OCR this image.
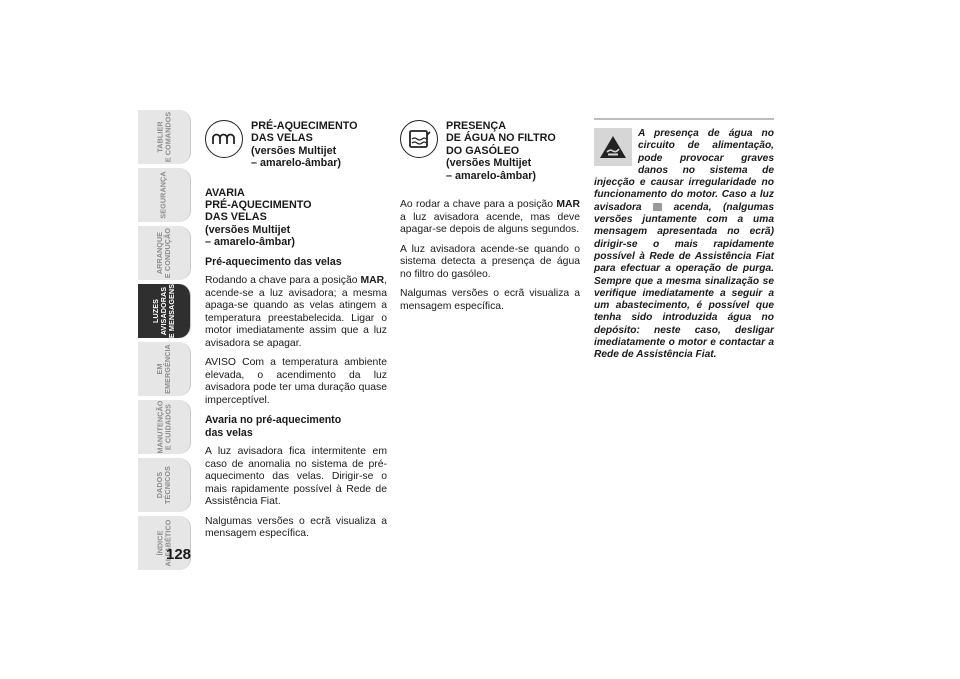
TABLIER
E COMANDOS
SEGURANÇA
ARRANQUE
E CONDUÇÃO
LUZES
AVISADORAS
E MENSAGENS
EM
EMERGÊNCIA
MANUTENÇÃO
E CUIDADOS
DADOS
TÉCNICOS
ÍNDICE
ALFABÉTICO
128

PRÉ-AQUECIMENTO
DAS VELAS
(versões Multijet
– amarelo-âmbar)

AVARIA
PRÉ-AQUECIMENTO
DAS VELAS
(versões Multijet
– amarelo-âmbar)

Pré-aquecimento das velas

Rodando a chave para a posição MAR, acende-se a luz avisadora; a mesma apaga-se quando as velas atingem a temperatura preestabelecida. Ligar o motor imediatamente assim que a luz avisadora se apagar.

AVISO Com a temperatura ambiente elevada, o acendimento da luz avisadora pode ter uma duração quase imperceptível.

Avaria no pré-aquecimento
das velas

A luz avisadora fica intermitente em caso de anomalia no sistema de pré-aquecimento das velas. Dirigir-se o mais rapidamente possível à Rede de Assistência Fiat.

Nalgumas versões o ecrã visualiza a mensagem específica.

PRESENÇA
DE ÁGUA NO FILTRO
DO GASÓLEO
(versões Multijet
– amarelo-âmbar)

Ao rodar a chave para a posição MAR a luz avisadora acende, mas deve apagar-se depois de alguns segundos.

A luz avisadora acende-se quando o sistema detecta a presença de água no filtro do gasóleo.

Nalgumas versões o ecrã visualiza a mensagem específica.

A presença de água no circuito de alimentação, pode provocar graves danos no sistema de injecção e causar irregularidade no funcionamento do motor. Caso a luz avisadora  acenda, (nalgumas versões juntamente com a uma mensagem apresentada no ecrã) dirigir-se o mais rapidamente possível à Rede de Assistência Fiat para efectuar a operação de purga. Sempre que a mesma sinalização se verifique imediatamente a seguir a um abastecimento, é possível que tenha sido introduzida água no depósito: neste caso, desligar imediatamente o motor e contactar a Rede de Assistência Fiat.
